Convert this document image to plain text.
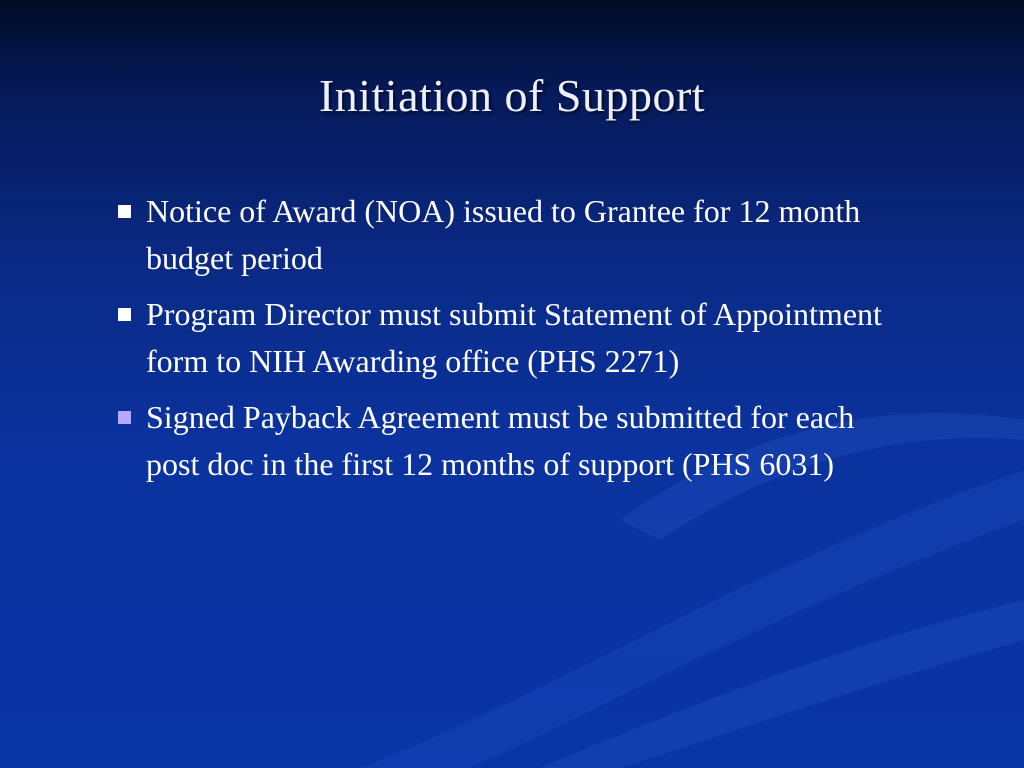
Initiation of Support
Notice of Award (NOA) issued to Grantee for 12 month budget period
Program Director must submit Statement of Appointment form to NIH Awarding office (PHS 2271)
Signed Payback Agreement must be submitted for each post doc in the first 12 months of support (PHS 6031)
